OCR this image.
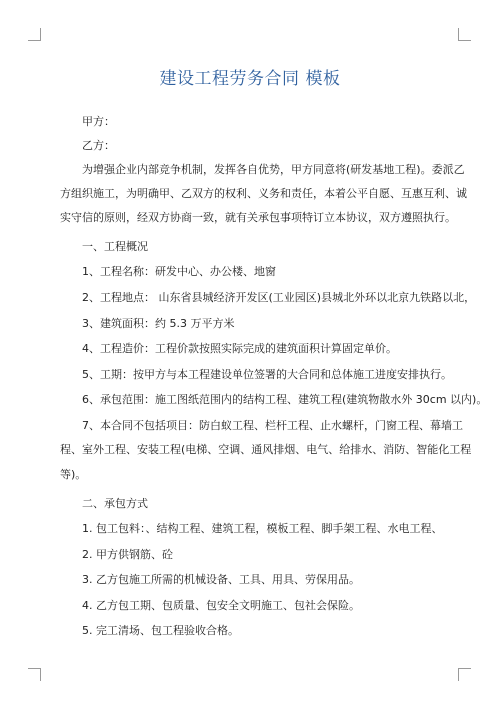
建设工程劳务合同 模板
甲方：
乙方：
为增强企业内部竞争机制，发挥各自优势，甲方同意将(研发基地工程)。委派乙
方组织施工，为明确甲、乙双方的权利、义务和责任，本着公平自愿、互惠互利、诚
实守信的原则，经双方协商一致，就有关承包事项特订立本协议，双方遵照执行。
一、工程概况
1、工程名称：研发中心、办公楼、地窗
2、工程地点： 山东省县城经济开发区(工业园区)县城北外环以北京九铁路以北，
3、建筑面积：约 5.3 万平方米
4、工程造价：工程价款按照实际完成的建筑面积计算固定单价。
5、工期：按甲方与本工程建设单位签署的大合同和总体施工进度安排执行。
6、承包范围：施工图纸范围内的结构工程、建筑工程(建筑物散水外 30cm 以内)。
7、本合同不包括项目：防白蚁工程、栏杆工程、止水螺杆，门窗工程、幕墙工
程、室外工程、安装工程(电梯、空调、通风排烟、电气、给排水、消防、智能化工程
等)。
二、承包方式
1. 包工包料：、结构工程、建筑工程，模板工程、脚手架工程、水电工程、
2. 甲方供钢筋、砼
3. 乙方包施工所需的机械设备、工具、用具、劳保用品。
4. 乙方包工期、包质量、包安全文明施工、包社会保险。
5. 完工清场、包工程验收合格。
